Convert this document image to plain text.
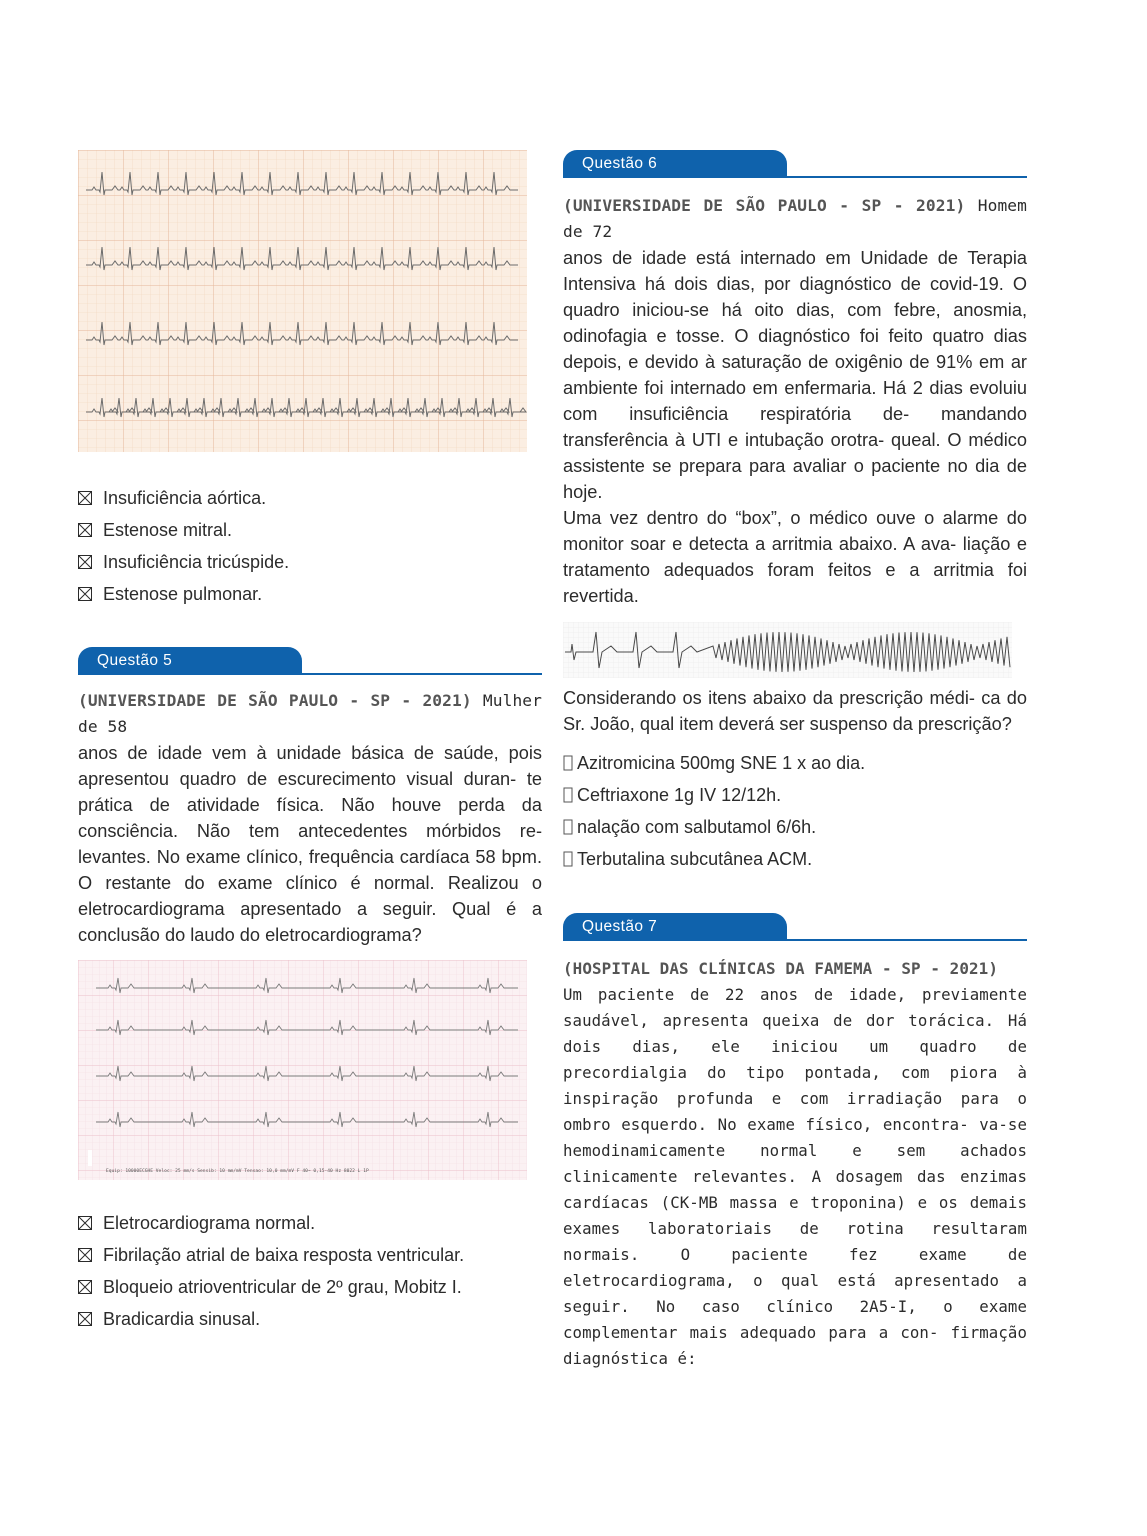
Insuficiência aórtica.
Estenose mitral.
Insuficiência tricúspide.
Estenose pulmonar.
Questão 5
(UNIVERSIDADE DE SÃO PAULO - SP - 2021) Mulher
de 58

anos de idade vem à unidade básica de saúde, pois apresentou quadro de escurecimento visual duran- te prática de atividade física. Não houve perda da consciência. Não tem antecedentes mórbidos re- levantes. No exame clínico, frequência cardíaca 58 bpm. O restante do exame clínico é normal. Realizou o eletrocardiograma apresentado a seguir. Qual é a conclusão do laudo do eletrocardiograma?

Equip: 10000ECGHE Veloc: 25 mm/s Sensib: 10 mm/mV Tensao: 10,0 mm/mV F 40~ 0,15-40 Hz 8022 L 1P
Eletrocardiograma normal.
Fibrilação atrial de baixa resposta ventricular.
Bloqueio atrioventricular de 2º grau, Mobitz I.
Bradicardia sinusal.
Questão 6
(UNIVERSIDADE DE SÃO PAULO - SP - 2021) Homem
de 72

anos de idade está internado em Unidade de Terapia Intensiva há dois dias, por diagnóstico de covid-19. O quadro iniciou-se há oito dias, com febre, anosmia, odinofagia e tosse. O diagnóstico foi feito quatro dias depois, e devido à saturação de oxigênio de 91% em ar ambiente foi internado em enfermaria. Há 2 dias evoluiu com insuficiência respiratória de- mandando transferência à UTI e intubação orotra- queal. O médico assistente se prepara para avaliar o paciente no dia de hoje.

Uma vez dentro do “box”, o médico ouve o alarme do monitor soar e detecta a arritmia abaixo. A ava- liação e tratamento adequados foram feitos e a arritmia foi revertida.

Considerando os itens abaixo da prescrição médi- ca do Sr. João, qual item deverá ser suspenso da prescrição?

Azitromicina 500mg SNE 1 x ao dia.
Ceftriaxone 1g IV 12/12h.
nalação com salbutamol 6/6h.
Terbutalina subcutânea ACM.
Questão 7
(HOSPITAL DAS CLÍNICAS DA FAMEMA - SP - 2021)

Um paciente de 22 anos de idade, previamente saudável, apresenta queixa de dor torácica. Há dois dias, ele iniciou um quadro de precordialgia do tipo pontada, com piora à inspiração profunda e com irradiação para o ombro esquerdo. No exame físico, encontra- va-se hemodinamicamente normal e sem achados clinicamente relevantes. A dosagem das enzimas cardíacas (CK-MB massa e troponina) e os demais exames laboratoriais de rotina resultaram normais. O paciente fez exame de eletrocardiograma, o qual está apresentado a seguir. No caso clínico 2A5-I, o exame complementar mais adequado para a con- firmação diagnóstica é:
